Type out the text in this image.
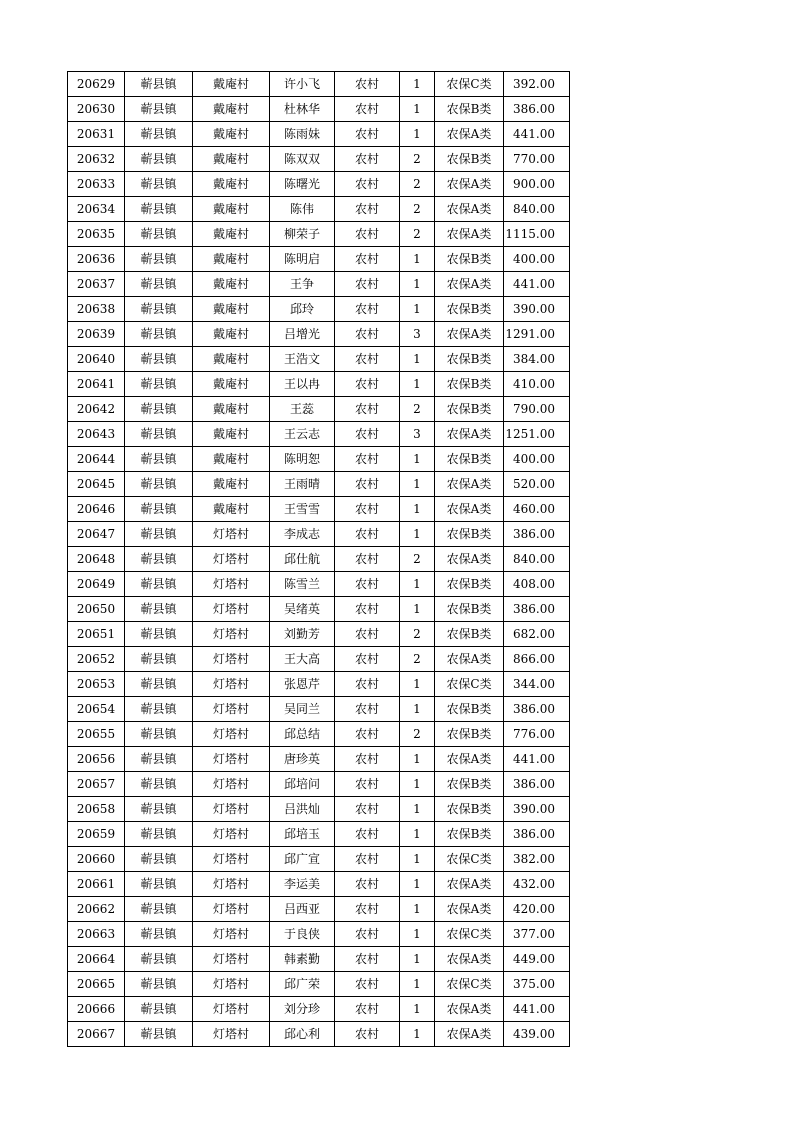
20629	蕲县镇	戴庵村	许小飞	农村	1	农保C类	392.00
20630	蕲县镇	戴庵村	杜林华	农村	1	农保B类	386.00
20631	蕲县镇	戴庵村	陈雨妹	农村	1	农保A类	441.00
20632	蕲县镇	戴庵村	陈双双	农村	2	农保B类	770.00
20633	蕲县镇	戴庵村	陈曙光	农村	2	农保A类	900.00
20634	蕲县镇	戴庵村	陈伟	农村	2	农保A类	840.00
20635	蕲县镇	戴庵村	柳荣子	农村	2	农保A类	1115.00
20636	蕲县镇	戴庵村	陈明启	农村	1	农保B类	400.00
20637	蕲县镇	戴庵村	王争	农村	1	农保A类	441.00
20638	蕲县镇	戴庵村	邱玲	农村	1	农保B类	390.00
20639	蕲县镇	戴庵村	吕增光	农村	3	农保A类	1291.00
20640	蕲县镇	戴庵村	王浩文	农村	1	农保B类	384.00
20641	蕲县镇	戴庵村	王以冉	农村	1	农保B类	410.00
20642	蕲县镇	戴庵村	王蕊	农村	2	农保B类	790.00
20643	蕲县镇	戴庵村	王云志	农村	3	农保A类	1251.00
20644	蕲县镇	戴庵村	陈明恕	农村	1	农保B类	400.00
20645	蕲县镇	戴庵村	王雨晴	农村	1	农保A类	520.00
20646	蕲县镇	戴庵村	王雪雪	农村	1	农保A类	460.00
20647	蕲县镇	灯塔村	李成志	农村	1	农保B类	386.00
20648	蕲县镇	灯塔村	邱仕航	农村	2	农保A类	840.00
20649	蕲县镇	灯塔村	陈雪兰	农村	1	农保B类	408.00
20650	蕲县镇	灯塔村	吴绪英	农村	1	农保B类	386.00
20651	蕲县镇	灯塔村	刘勤芳	农村	2	农保B类	682.00
20652	蕲县镇	灯塔村	王大高	农村	2	农保A类	866.00
20653	蕲县镇	灯塔村	张恩芹	农村	1	农保C类	344.00
20654	蕲县镇	灯塔村	吴同兰	农村	1	农保B类	386.00
20655	蕲县镇	灯塔村	邱总结	农村	2	农保B类	776.00
20656	蕲县镇	灯塔村	唐珍英	农村	1	农保A类	441.00
20657	蕲县镇	灯塔村	邱培问	农村	1	农保B类	386.00
20658	蕲县镇	灯塔村	吕洪灿	农村	1	农保B类	390.00
20659	蕲县镇	灯塔村	邱培玉	农村	1	农保B类	386.00
20660	蕲县镇	灯塔村	邱广宣	农村	1	农保C类	382.00
20661	蕲县镇	灯塔村	李运美	农村	1	农保A类	432.00
20662	蕲县镇	灯塔村	吕西亚	农村	1	农保A类	420.00
20663	蕲县镇	灯塔村	于良侠	农村	1	农保C类	377.00
20664	蕲县镇	灯塔村	韩素勤	农村	1	农保A类	449.00
20665	蕲县镇	灯塔村	邱广荣	农村	1	农保C类	375.00
20666	蕲县镇	灯塔村	刘分珍	农村	1	农保A类	441.00
20667	蕲县镇	灯塔村	邱心利	农村	1	农保A类	439.00
